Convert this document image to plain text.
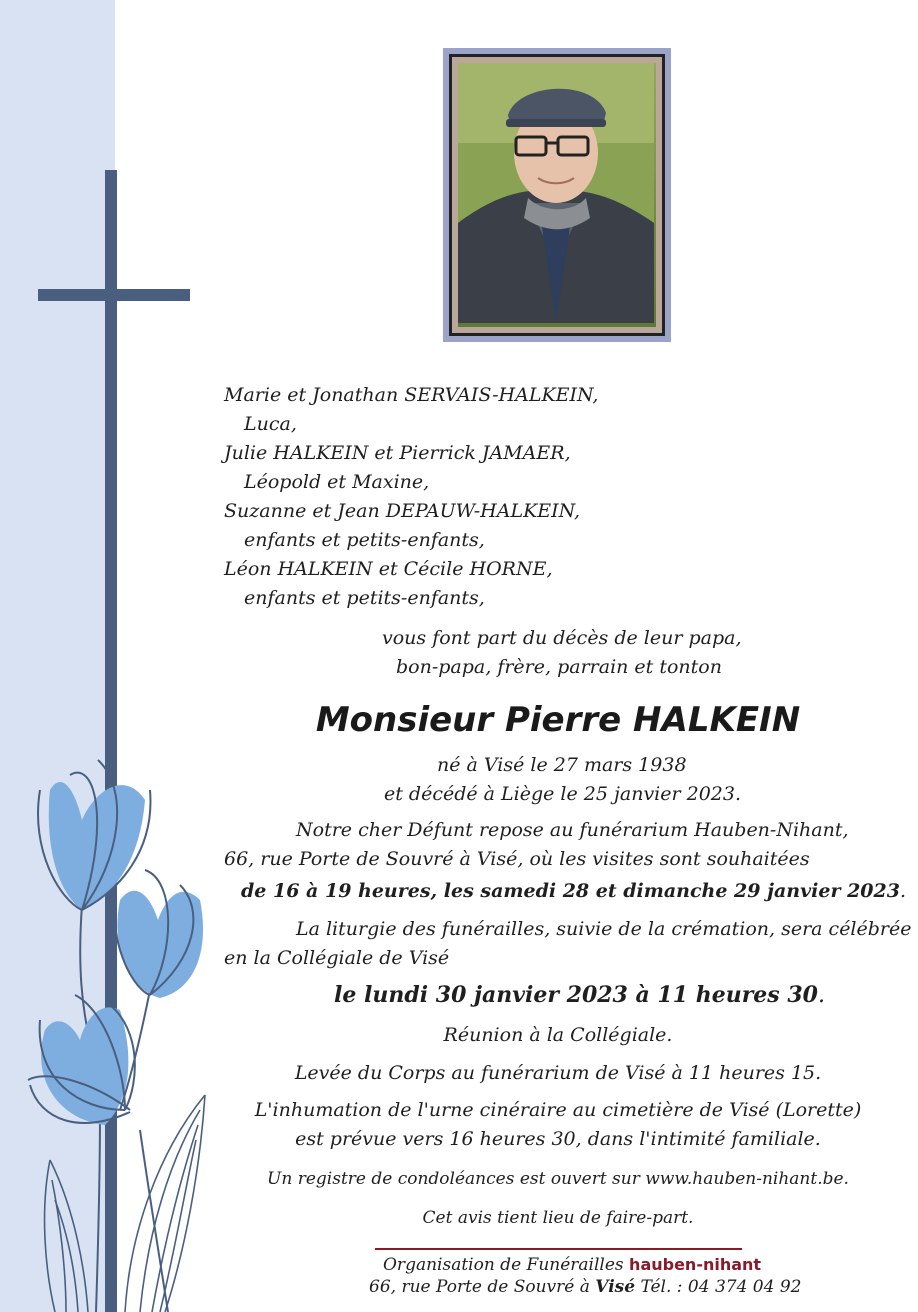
Marie et Jonathan SERVAIS-HALKEIN,
Luca,
Julie HALKEIN et Pierrick JAMAER,
Léopold et Maxine,
Suzanne et Jean DEPAUW-HALKEIN,
enfants et petits-enfants,
Léon HALKEIN et Cécile HORNE,
enfants et petits-enfants,
vous font part du décès de leur papa,
bon-papa, frère, parrain et tonton
Monsieur Pierre HALKEIN
né à Visé le 27 mars 1938
et décédé à Liège le 25 janvier 2023.
Notre cher Défunt repose au funérarium Hauben-Nihant,
66, rue Porte de Souvré à Visé, où les visites sont souhaitées
de 16 à 19 heures, les samedi 28 et dimanche 29 janvier 2023.
La liturgie des funérailles, suivie de la crémation, sera célébrée
en la Collégiale de Visé
le lundi 30 janvier 2023 à 11 heures 30.
Réunion à la Collégiale.
Levée du Corps au funérarium de Visé à 11 heures 15.
L'inhumation de l'urne cinéraire au cimetière de Visé (Lorette)
est prévue vers 16 heures 30, dans l'intimité familiale.
Un registre de condoléances est ouvert sur www.hauben-nihant.be.
Cet avis tient lieu de faire-part.
Organisation de Funérailles hauben-nihant
66, rue Porte de Souvré à Visé Tél. : 04 374 04 92
